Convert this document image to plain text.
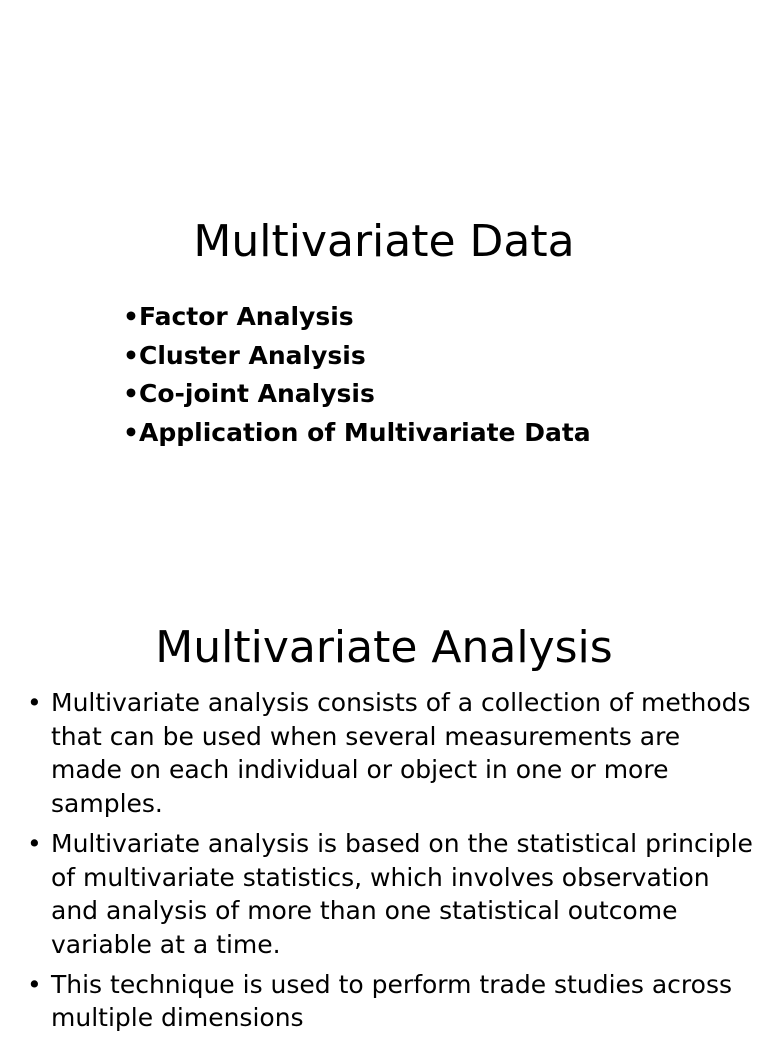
Multivariate Data
•Factor Analysis
•Cluster Analysis
•Co-joint Analysis
•Application of Multivariate Data
Multivariate Analysis
• Multivariate analysis consists of a collection of methods that can be used when several measurements are made on each individual or object in one or more samples.
• Multivariate analysis is based on the statistical principle of multivariate statistics, which involves observation and analysis of more than one statistical outcome variable at a time.
• This technique is used to perform trade studies across multiple dimensions
